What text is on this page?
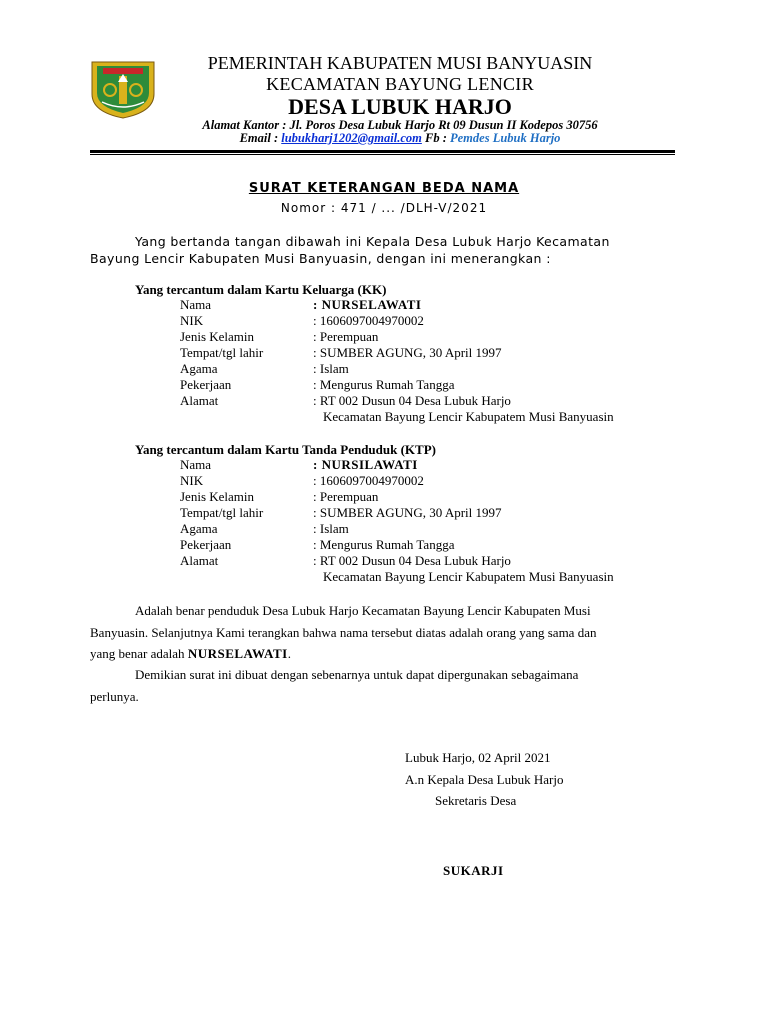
PEMERINTAH KABUPATEN MUSI BANYUASIN
KECAMATAN BAYUNG LENCIR
DESA LUBUK HARJO
Alamat Kantor : Jl. Poros Desa Lubuk Harjo Rt 09 Dusun II Kodepos 30756
Email : lubukharj1202@gmail.com Fb : Pemdes Lubuk Harjo
SURAT KETERANGAN BEDA NAMA
Nomor : 471 / ... /DLH-V/2021
Yang bertanda tangan dibawah ini Kepala Desa Lubuk Harjo Kecamatan
Bayung Lencir Kabupaten Musi Banyuasin, dengan ini menerangkan :
Yang tercantum dalam Kartu Keluarga (KK)
Nama	: NURSELAWATI
NIK	: 1606097004970002
Jenis Kelamin	: Perempuan
Tempat/tgl lahir	: SUMBER AGUNG, 30 April 1997
Agama	: Islam
Pekerjaan	: Mengurus Rumah Tangga
Alamat	: RT 002 Dusun 04 Desa Lubuk Harjo
Kecamatan Bayung Lencir Kabupatem Musi Banyuasin
Yang tercantum dalam Kartu Tanda Penduduk (KTP)
Nama	: NURSILAWATI
NIK	: 1606097004970002
Jenis Kelamin	: Perempuan
Tempat/tgl lahir	: SUMBER AGUNG, 30 April 1997
Agama	: Islam
Pekerjaan	: Mengurus Rumah Tangga
Alamat	: RT 002 Dusun 04 Desa Lubuk Harjo
Kecamatan Bayung Lencir Kabupatem Musi Banyuasin
Adalah benar penduduk Desa Lubuk Harjo Kecamatan Bayung Lencir Kabupaten Musi
Banyuasin. Selanjutnya Kami terangkan bahwa nama tersebut diatas adalah orang yang sama dan
yang benar adalah NURSELAWATI.
Demikian surat ini dibuat dengan sebenarnya untuk dapat dipergunakan sebagaimana
perlunya.
Lubuk Harjo, 02 April 2021
A.n Kepala Desa Lubuk Harjo
Sekretaris Desa
SUKARJI
